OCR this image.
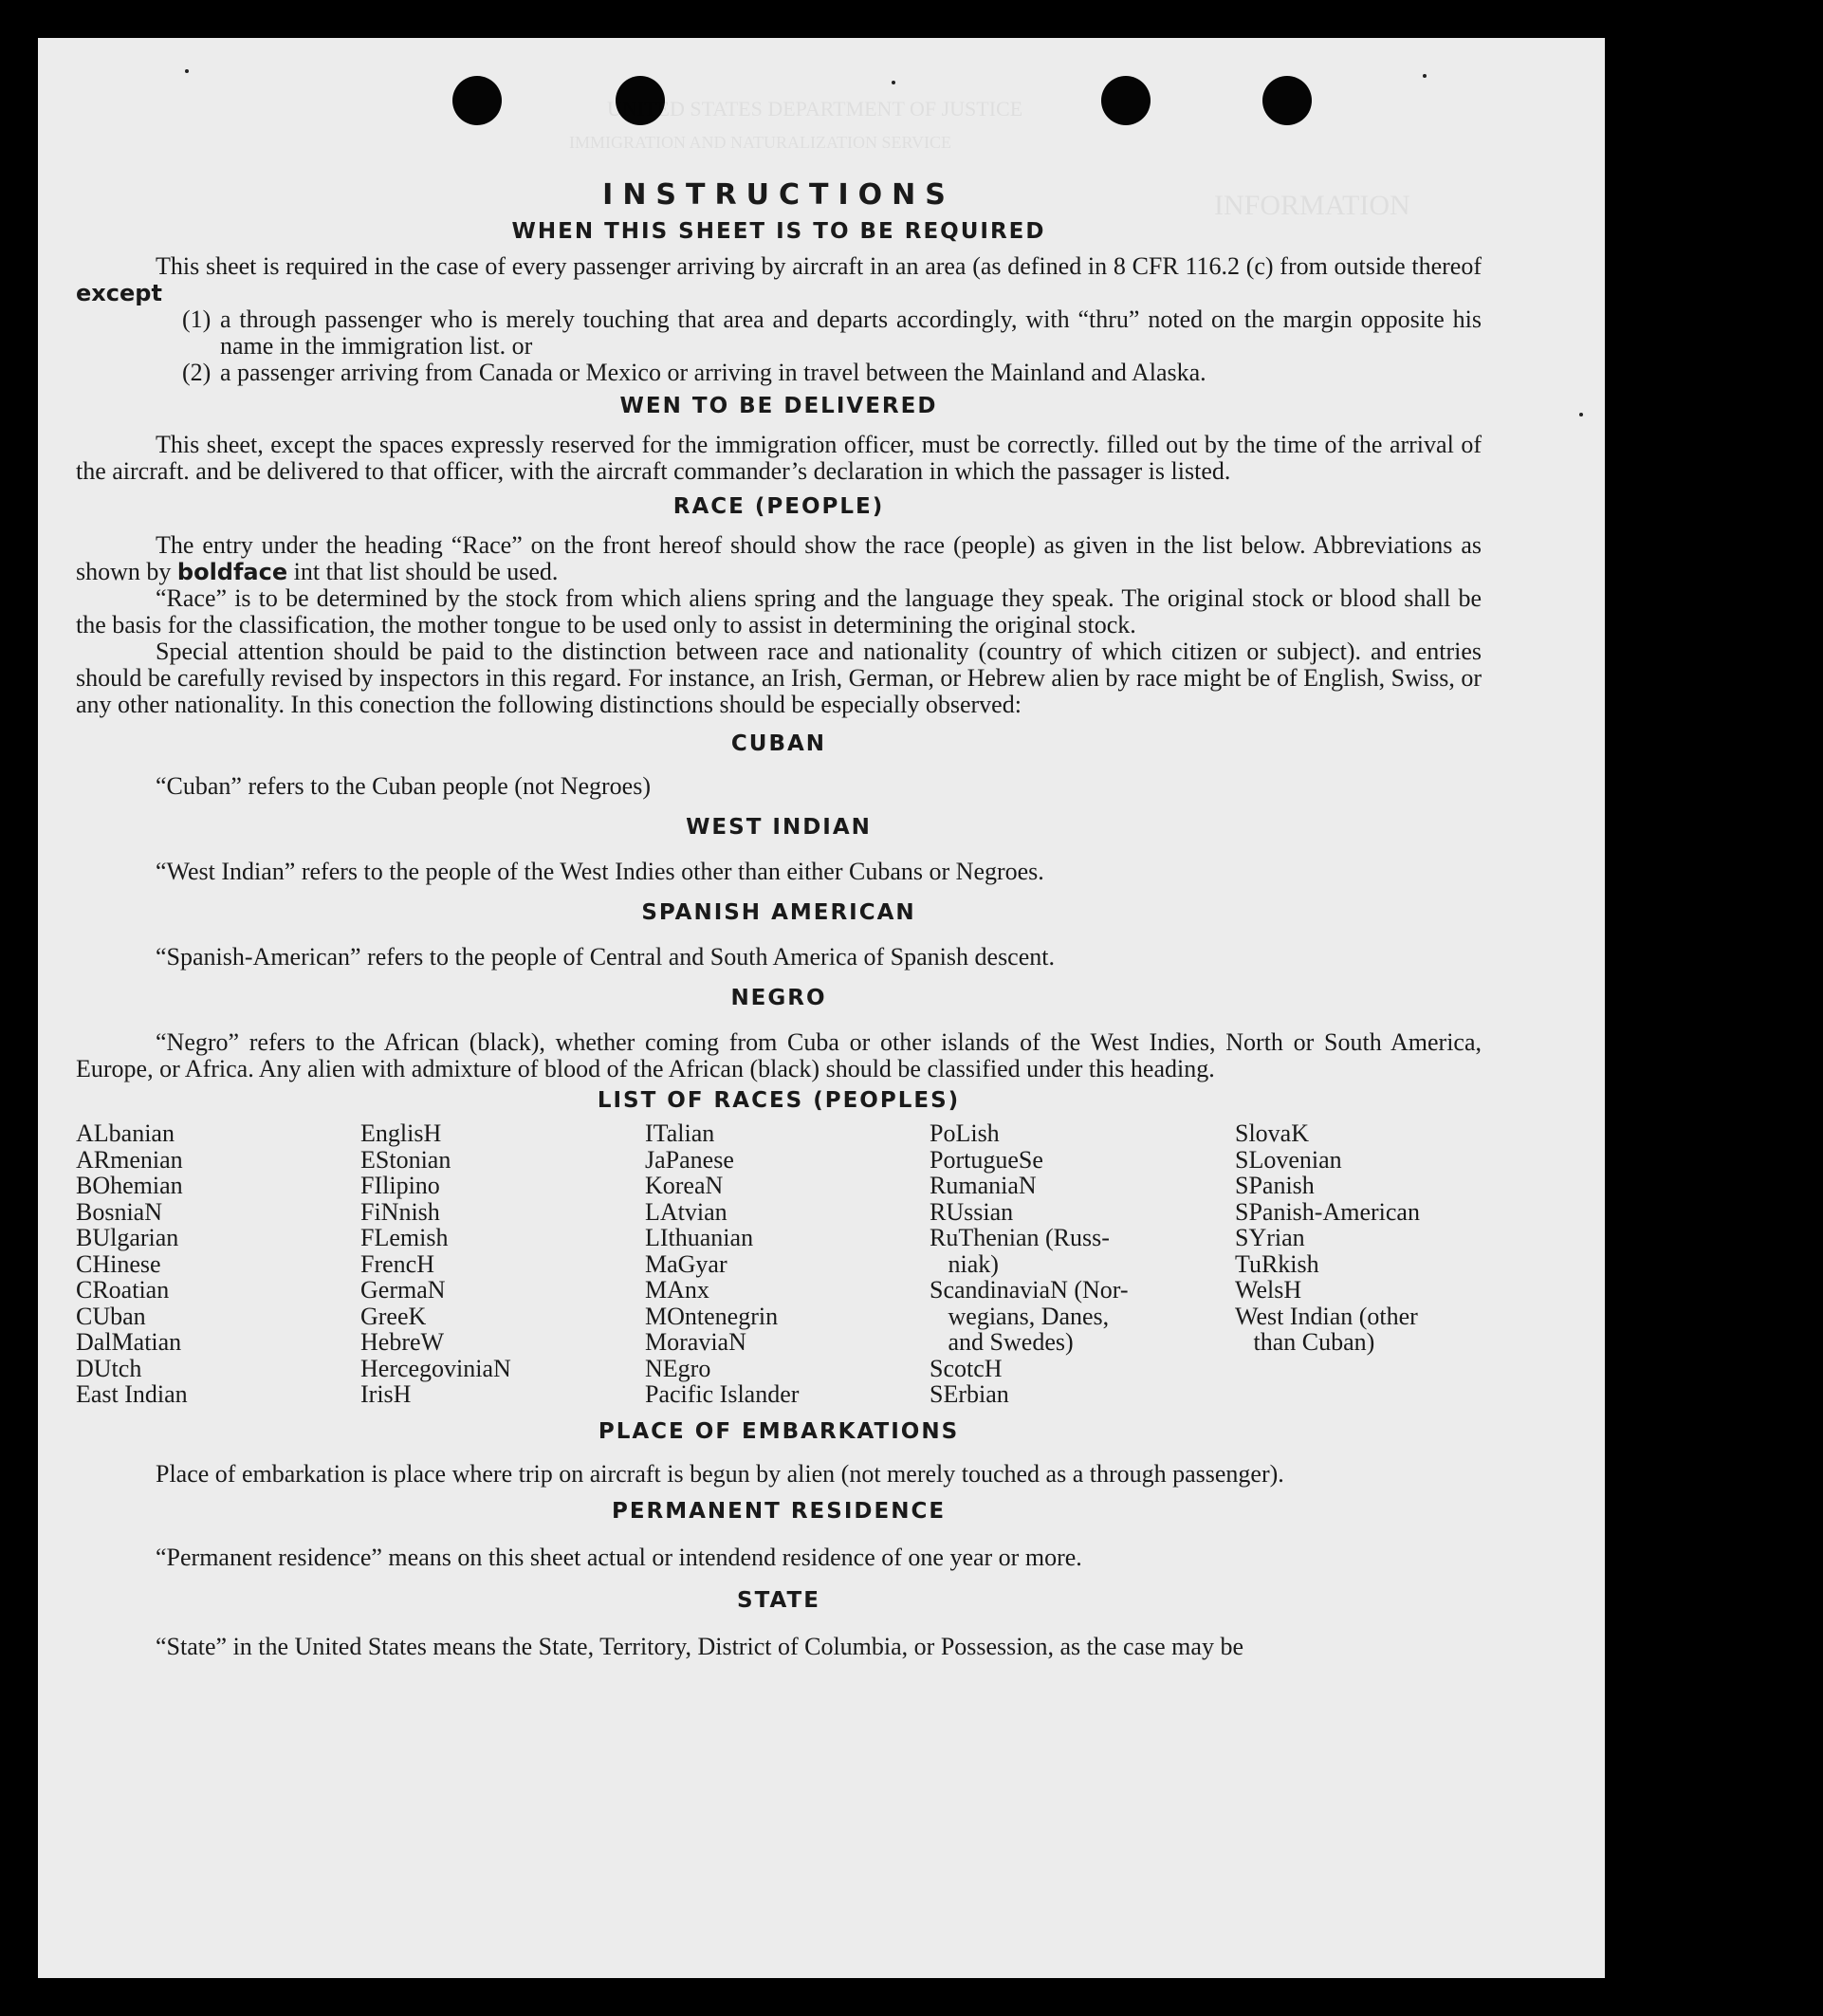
UNITED STATES DEPARTMENT OF JUSTICE
IMMIGRATION AND NATURALIZATION SERVICE
INFORMATION
INSTRUCTIONS
WHEN THIS SHEET IS TO BE REQUIRED

This sheet is required in the case of every passenger arriving by aircraft in an area (as defined in 8 CFR 116.2 (c) from outside thereof except

(1) a through passenger who is merely touching that area and departs accordingly, with “thru” noted on the margin opposite his name in the immigration list. or
(2) a passenger arriving from Canada or Mexico or arriving in travel between the Mainland and Alaska.
WEN TO BE DELIVERED

This sheet, except the spaces expressly reserved for the immigration officer, must be correctly. filled out by the time of the arrival of the aircraft. and be delivered to that officer, with the aircraft commander’s declaration in which the passager is listed.

RACE (PEOPLE)

The entry under the heading “Race” on the front hereof should show the race (people) as given in the list below. Abbreviations as shown by boldface int that list should be used.

“Race” is to be determined by the stock from which aliens spring and the language they speak. The original stock or blood shall be the basis for the classification, the mother tongue to be used only to assist in determining the original stock.

Special attention should be paid to the distinction between race and nationality (country of which citizen or subject). and entries should be carefully revised by inspectors in this regard. For instance, an Irish, German, or Hebrew alien by race might be of English, Swiss, or any other nationality. In this conection the following distinctions should be especially observed:

CUBAN

“Cuban” refers to the Cuban people (not Negroes)

WEST INDIAN

“West Indian” refers to the people of the West Indies other than either Cubans or Negroes.

SPANISH AMERICAN

“Spanish-American” refers to the people of Central and South America of Spanish descent.

NEGRO

“Negro” refers to the African (black), whether coming from Cuba or other islands of the West Indies, North or South America, Europe, or Africa. Any alien with admixture of blood of the African (black) should be classified under this heading.

LIST OF RACES (PEOPLES)
ALbanian
ARmenian
BOhemian
BosniaN
BUlgarian
CHinese
CRoatian
CUban
DalMatian
DUtch
East Indian
EnglisH
EStonian
FIlipino
FiNnish
FLemish
FrencH
GermaN
GreeK
HebreW
HercegoviniaN
IrisH
ITalian
JaPanese
KoreaN
LAtvian
LIthuanian
MaGyar
MAnx
MOntenegrin
MoraviaN
NEgro
Pacific Islander
PoLish
PortugueSe
RumaniaN
RUssian
RuThenian (Russ-
niak)
ScandinaviaN (Nor-
wegians, Danes,
and Swedes)
ScotcH
SErbian
SlovaK
SLovenian
SPanish
SPanish-American
SYrian
TuRkish
WelsH
West Indian (other
than Cuban)
PLACE OF EMBARKATIONS

Place of embarkation is place where trip on aircraft is begun by alien (not merely touched as a through passenger).

PERMANENT RESIDENCE

“Permanent residence” means on this sheet actual or intendend residence of one year or more.

STATE

“State” in the United States means the State, Territory, District of Columbia, or Possession, as the case may be
